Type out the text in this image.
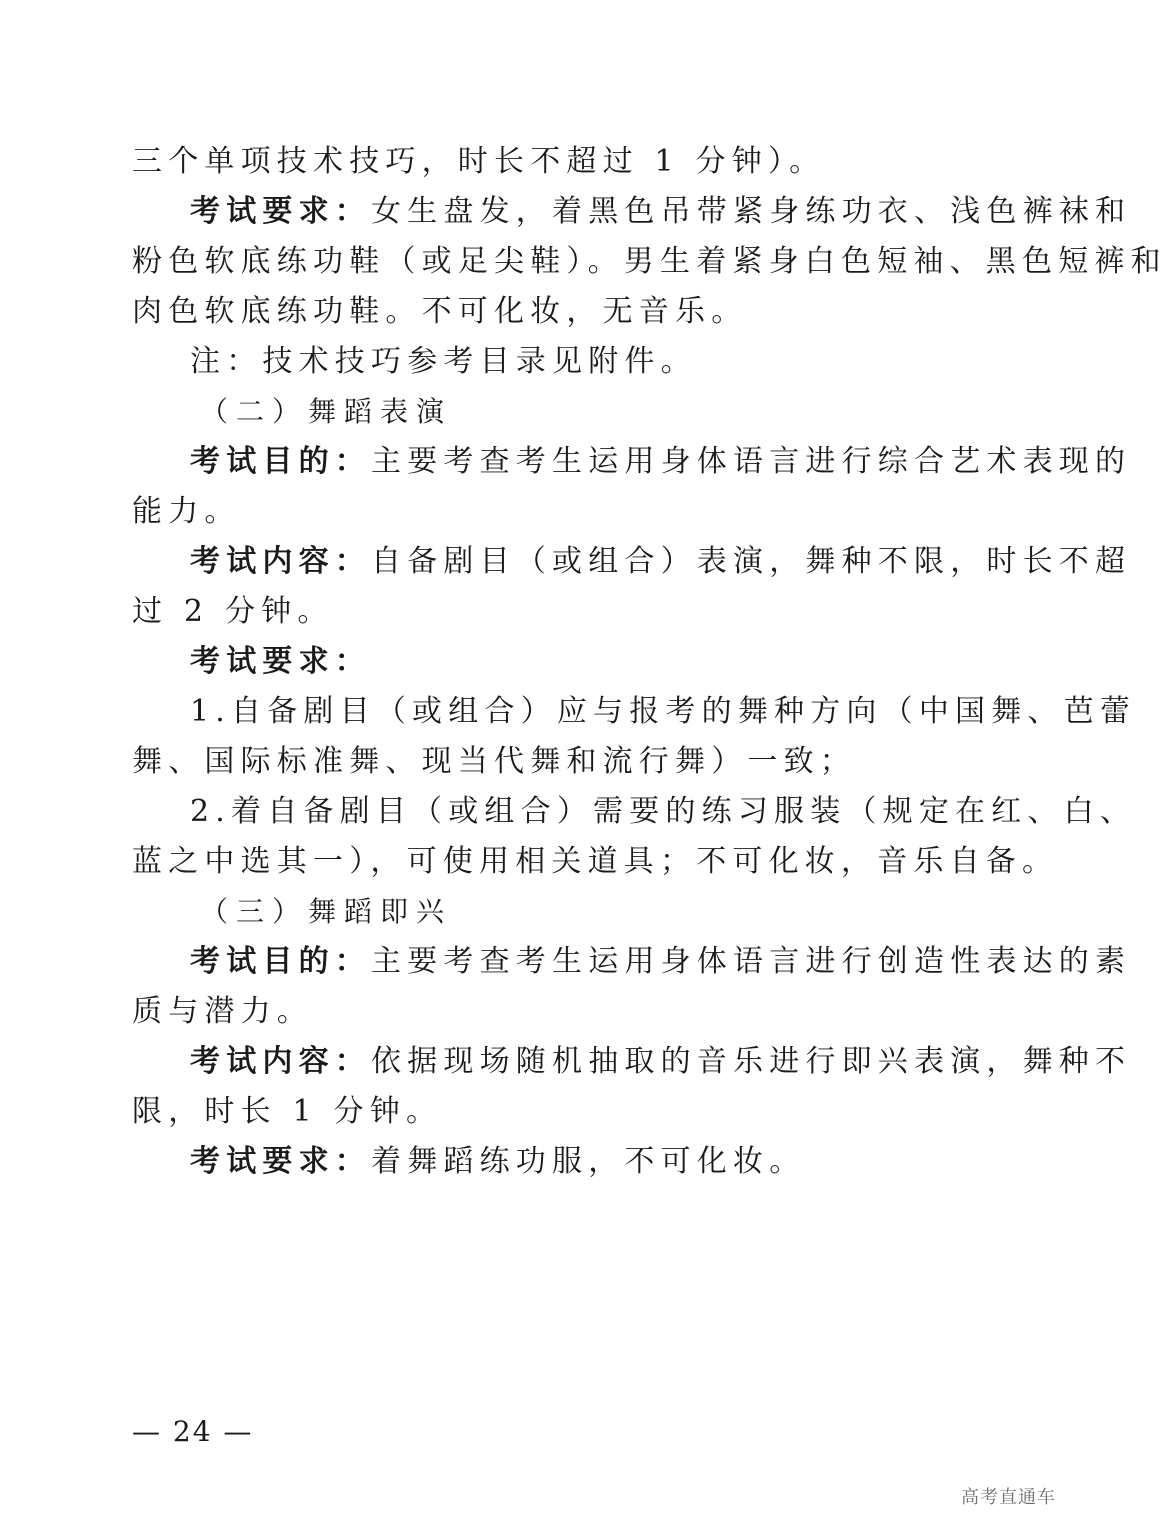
三个单项技术技巧，时长不超过 1 分钟）。
考试要求：女生盘发，着黑色吊带紧身练功衣、浅色裤袜和
粉色软底练功鞋（或足尖鞋）。男生着紧身白色短袖、黑色短裤和
肉色软底练功鞋。不可化妆，无音乐。
注：技术技巧参考目录见附件。
（二）舞蹈表演
考试目的：主要考查考生运用身体语言进行综合艺术表现的
能力。
考试内容：自备剧目（或组合）表演，舞种不限，时长不超
过 2 分钟。
考试要求：
1.自备剧目（或组合）应与报考的舞种方向（中国舞、芭蕾
舞、国际标准舞、现当代舞和流行舞）一致；
2.着自备剧目（或组合）需要的练习服装（规定在红、白、
蓝之中选其一），可使用相关道具；不可化妆，音乐自备。
（三）舞蹈即兴
考试目的：主要考查考生运用身体语言进行创造性表达的素
质与潜力。
考试内容：依据现场随机抽取的音乐进行即兴表演，舞种不
限，时长 1 分钟。
考试要求：着舞蹈练功服，不可化妆。
— 24 —
高考直通车
